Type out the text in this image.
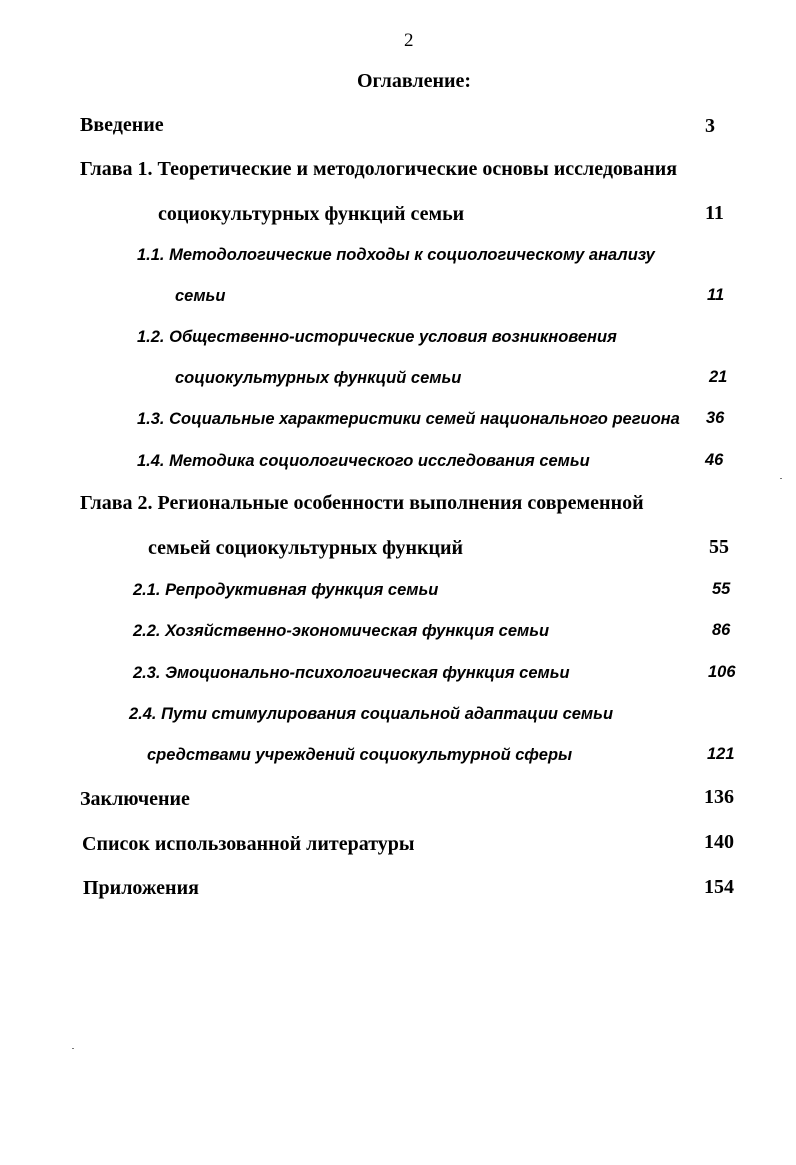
2
Оглавление:
Введение	3
Глава 1. Теоретические и методологические основы исследования
социокультурных функций семьи	11
1.1. Методологические подходы к социологическому анализу
семьи	11
1.2. Общественно-исторические условия возникновения
социокультурных функций семьи	21
1.3. Социальные характеристики семей национального региона 36
1.4. Методика социологического исследования семьи	46
Глава 2. Региональные особенности выполнения современной
семьей социокультурных функций	55
2.1. Репродуктивная функция семьи	55
2.2. Хозяйственно-экономическая функция семьи	86
2.3. Эмоционально-психологическая функция семьи	106
2.4. Пути стимулирования социальной адаптации семьи
средствами учреждений социокультурной сферы	121
Заключение	136
Список использованной литературы	140
Приложения	154
